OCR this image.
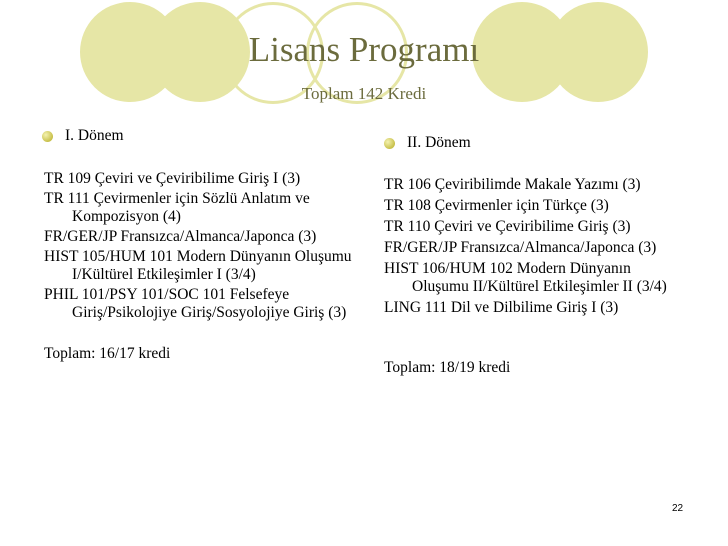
Lisans Programı
Toplam 142 Kredi
I. Dönem
TR 109 Çeviri ve Çeviribilime Giriş I (3)
TR 111 Çevirmenler için Sözlü Anlatım ve Kompozisyon (4)
FR/GER/JP Fransızca/Almanca/Japonca (3)
HIST 105/HUM 101 Modern Dünyanın Oluşumu I/Kültürel Etkileşimler I (3/4)
PHIL 101/PSY 101/SOC 101 Felsefeye Giriş/Psikolojiye Giriş/Sosyolojiye Giriş (3)
Toplam: 16/17 kredi
II. Dönem
TR 106 Çeviribilimde Makale Yazımı (3)
TR 108 Çevirmenler için Türkçe (3)
TR 110 Çeviri ve Çeviribilime Giriş (3)
FR/GER/JP Fransızca/Almanca/Japonca (3)
HIST 106/HUM 102 Modern Dünyanın Oluşumu II/Kültürel Etkileşimler II (3/4)
LING 111 Dil ve Dilbilime Giriş I (3)
Toplam: 18/19 kredi
22
